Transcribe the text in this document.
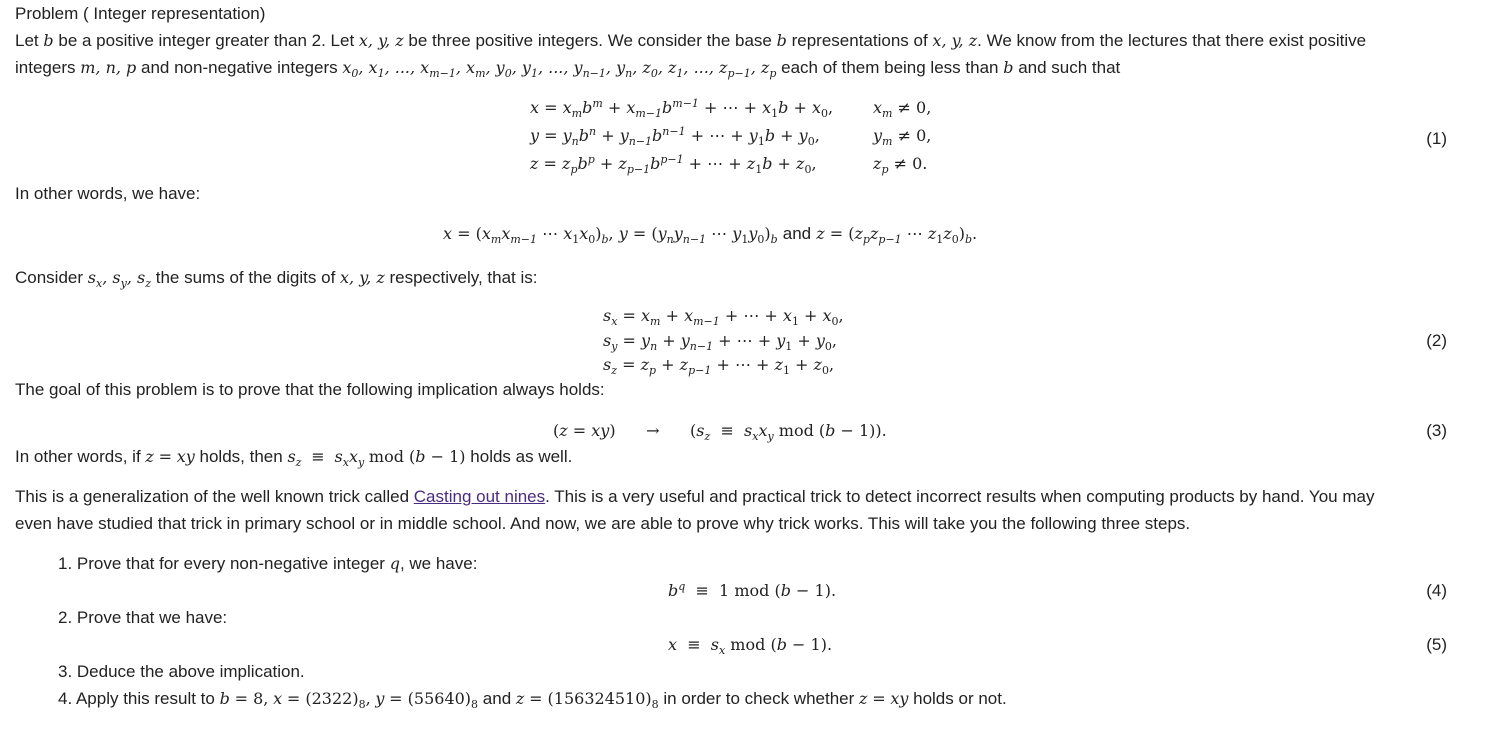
Problem ( Integer representation)
Let b be a positive integer greater than 2. Let x, y, z be three positive integers. We consider the base b representations of x, y, z. We know from the lectures that there exist positive
integers m, n, p and non-negative integers $x_0$, $x_1$, ..., $x_{m-1}$, $x_m$, $y_0$, $y_1$, ..., $y_{n-1}$, $y_n$, $z_0$, $z_1$, ..., $z_{p-1}$, $z_p$ each of them being less than b and such that
$x = x_mb^m + x_{m-1}b^{m-1}$ + ⋯ + $x_1b + x_0$, $x_m \ne 0$,
$y = y_nb^n + y_{n-1}b^{n-1}$ + ⋯ + $y_1b + y_0$,	$y_m \ne 0$,
$z = z_pb^p + z_{p-1}b^{p-1}$ + ⋯ + $z_1b + z_0$,	$z_p \ne 0$.
(1)
In other words, we have:
$x = (x_mx_{m-1}$ ⋯ $x_1x_0)_b$, $y = (y_ny_{n-1}$ ⋯ $y_1y_0)_b$ and $z = (z_pz_{p-1}$ ⋯ $z_1z_0)_b$.
Consider $s_x$, $s_y$, $s_z$ the sums of the digits of x, y, z respectively, that is:
$s_x = x_m + x_{m-1}$ + ⋯ + $x_1 + x_0$,
$s_y = y_n + y_{n-1}$ + ⋯ + $y_1 + y_0$,
$s_z = z_p + z_{p-1}$ + ⋯ + $z_1 + z_0$,
(2)
The goal of this problem is to prove that the following implication always holds:
(z = xy)      →      ($s_z \equiv s_xx_y$ mod (b − 1)).	(3)
In other words, if z = xy holds, then $s_z \equiv s_xx_y$ mod (b − 1) holds as well.
This is a generalization of the well known trick called Casting out nines. This is a very useful and practical trick to detect incorrect results when computing products by hand. You may
even have studied that trick in primary school or in middle school. And now, we are able to prove why trick works. This will take you the following three steps.
1. Prove that for every non-negative integer q, we have:
$b^q \equiv 1$ mod (b − 1).	(4)
2. Prove that we have:
$x \equiv s_x$ mod (b − 1).	(5)
3. Deduce the above implication.
4. Apply this result to b = 8, $x = (2322)_8$, $y = (55640)_8$ and $z = (156324510)_8$ in order to check whether z = xy holds or not.
